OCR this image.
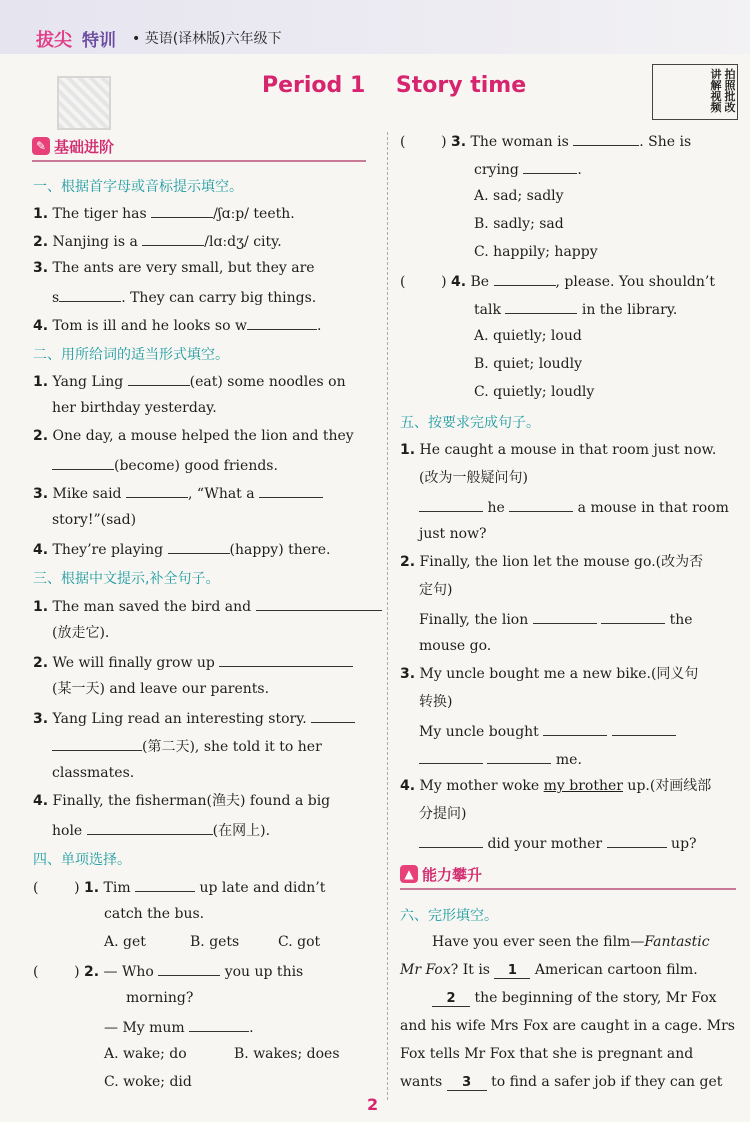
拔尖 特训 • 英语(译林版)六年级下
讲
解
视
频
拍
照
批
改
Period 1    Story time
✎ 基础进阶
一、根据首字母或音标提示填空。
1. The tiger has	/ʃɑːp/ teeth.
2. Nanjing is a	/lɑːdʒ/ city.
3. The ants are very small, but they are
s	. They can carry big things.
4. Tom is ill and he looks so w	.
二、用所给词的适当形式填空。
1. Yang Ling	(eat) some noodles on
her birthday yesterday.
2. One day, a mouse helped the lion and they
(become) good friends.
3. Mike said	, “What a
story!”(sad)
4. They’re playing	(happy) there.
三、根据中文提示,补全句子。
1. The man saved the bird and
(放走它).
2. We will finally grow up
(某一天) and leave our parents.
3. Yang Ling read an interesting story.
(第二天), she told it to her
classmates.
4. Finally, the fisherman(渔夫) found a big
hole	(在网上).
四、单项选择。
(        ) 1. Tim	up late and didn’t
catch the bus.
A. get	B. gets	C. got
(        ) 2. — Who	you up this
morning?
— My mum	.
A. wake; do	B. wakes; does
C. woke; did
(        ) 3. The woman is	. She is
crying	.
A. sad; sadly
B. sadly; sad
C. happily; happy
(        ) 4. Be	, please. You shouldn’t
talk	in the library.
A. quietly; loud
B. quiet; loudly
C. quietly; loudly
五、按要求完成句子。
1. He caught a mouse in that room just now.
(改为一般疑问句)
he	a mouse in that room
just now?
2. Finally, the lion let the mouse go.(改为否
定句)
Finally, the lion	the
mouse go.
3. My uncle bought me a new bike.(同义句
转换)
My uncle bought
me.
4. My mother woke my brother up.(对画线部
分提问)
did your mother	up?
▲ 能力攀升
六、完形填空。
Have you ever seen the film—Fantastic
Mr Fox? It is 1 American cartoon film.
2 the beginning of the story, Mr Fox
and his wife Mrs Fox are caught in a cage. Mrs
Fox tells Mr Fox that she is pregnant and
wants 3 to find a safer job if they can get
2
